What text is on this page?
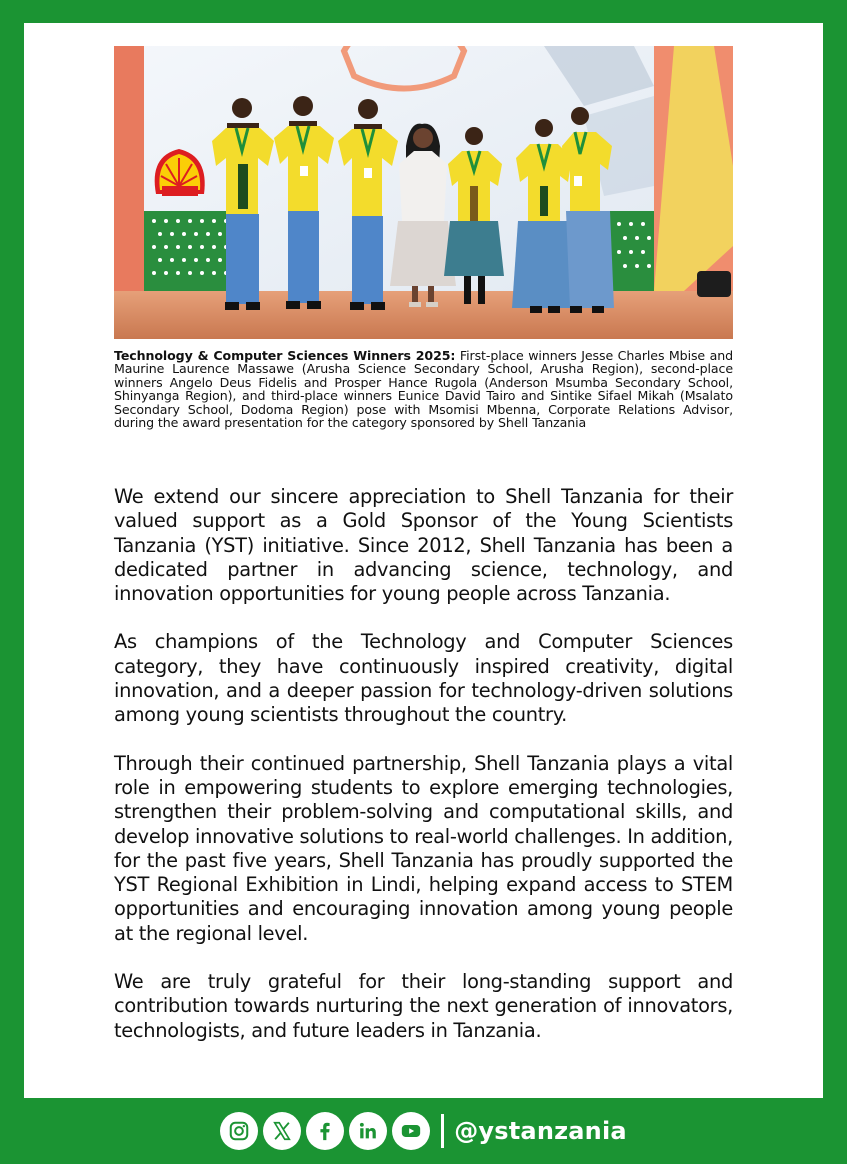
Technology & Computer Sciences Winners 2025: First-place winners Jesse Charles Mbise and Maurine Laurence Massawe (Arusha Science Secondary School, Arusha Region), second-place winners Angelo Deus Fidelis and Prosper Hance Rugola (Anderson Msumba Secondary School, Shinyanga Region), and third-place winners Eunice David Tairo and Sintike Sifael Mikah (Msalato Secondary School, Dodoma Region) pose with Msomisi Mbenna, Corporate Relations Advisor, during the award presentation for the category sponsored by Shell Tanzania

We extend our sincere appreciation to Shell Tanzania for their valued support as a Gold Sponsor of the Young Scientists Tanzania (YST) initiative. Since 2012, Shell Tanzania has been a dedicated partner in advancing science, technology, and innovation opportunities for young people across Tanzania.

As champions of the Technology and Computer Sciences category, they have continuously inspired creativity, digital innovation, and a deeper passion for technology-driven solutions among young scientists throughout the country.

Through their continued partnership, Shell Tanzania plays a vital role in empowering students to explore emerging technologies, strengthen their problem-solving and computational skills, and develop innovative solutions to real-world challenges. In addition, for the past five years, Shell Tanzania has proudly supported the YST Regional Exhibition in Lindi, helping expand access to STEM opportunities and encouraging innovation among young people at the regional level.

We are truly grateful for their long-standing support and contribution towards nurturing the next generation of innovators, technologists, and future leaders in Tanzania.

@ystanzania
